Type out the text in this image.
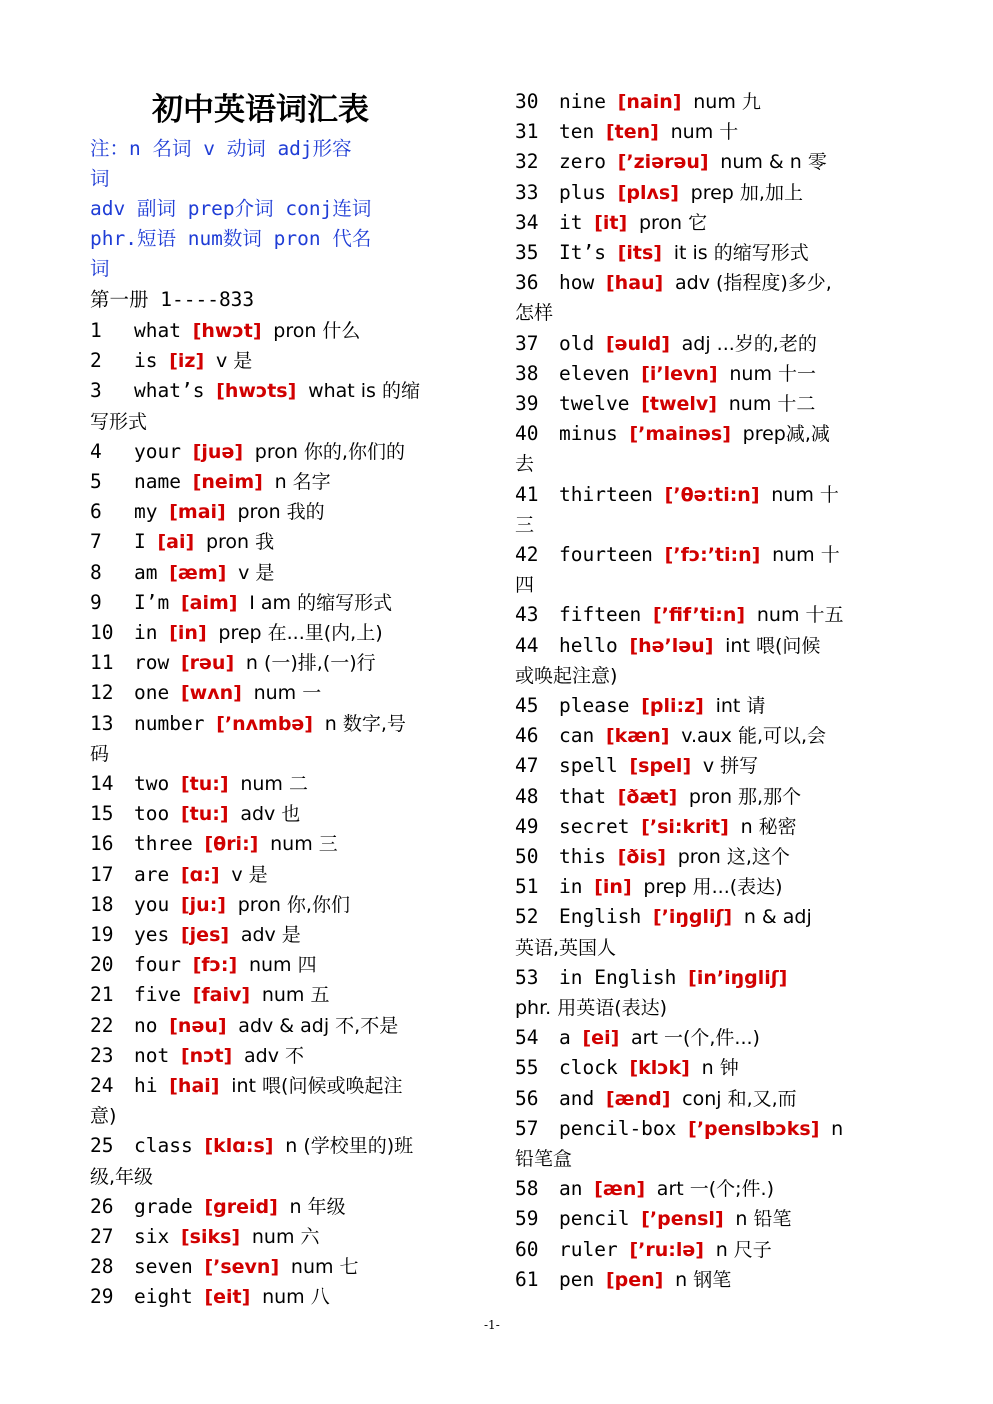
初中英语词汇表
注：n 名词 v 动词 adj形容
词
adv 副词 prep介词 conj连词
phr.短语 num数词 pron 代名
词
第一册 1----833
1 what [hwɔt] pron 什么
2 is [iz] v 是
3 what’s [hwɔts] what is 的缩
写形式
4 your [juə] pron 你的,你们的
5 name [neim] n 名字
6 my [mai] pron 我的
7 I [ai] pron 我
8 am [æm] v 是
9 I’m [aim] I am 的缩写形式
10 in [in] prep 在...里(内,上)
11 row [rəu] n (一)排,(一)行
12 one [wʌn] num 一
13 number [’nʌmbə] n 数字,号
码
14 two [tu:] num 二
15 too [tu:] adv 也
16 three [θri:] num 三
17 are [ɑ:] v 是
18 you [ju:] pron 你,你们
19 yes [jes] adv 是
20 four [fɔ:] num 四
21 five [faiv] num 五
22 no [nəu] adv & adj 不,不是
23 not [nɔt] adv 不
24 hi [hai] int 喂(问候或唤起注
意)
25 class [klɑ:s] n (学校里的)班
级,年级
26 grade [greid] n 年级
27 six [siks] num 六
28 seven [’sevn] num 七
29 eight [eit] num 八
30 nine [nain] num 九
31 ten [ten] num 十
32 zero [’ziərəu] num & n 零
33 plus [plʌs] prep 加,加上
34 it [it] pron 它
35 It’s [its] it is 的缩写形式
36 how [hau] adv (指程度)多少,
怎样
37 old [əuld] adj ...岁的,老的
38 eleven [i’levn] num 十一
39 twelve [twelv] num 十二
40 minus [’mainəs] prep减,减
去
41 thirteen [’θə:ti:n] num 十
三
42 fourteen [’fɔ:’ti:n] num 十
四
43 fifteen [’fif’ti:n] num 十五
44 hello [hə’ləu] int 喂(问候
或唤起注意)
45 please [pli:z] int 请
46 can [kæn] v.aux 能,可以,会
47 spell [spel] v 拼写
48 that [ðæt] pron 那,那个
49 secret [’si:krit] n 秘密
50 this [ðis] pron 这,这个
51 in [in] prep 用...(表达)
52 English [’iŋgliʃ] n & adj
英语,英国人
53 in English [in’iŋgliʃ]
phr. 用英语(表达)
54 a [ei] art 一(个,件...)
55 clock [klɔk] n 钟
56 and [ænd] conj 和,又,而
57 pencil-box [’penslbɔks] n
铅笔盒
58 an [æn] art 一(个;件.)
59 pencil [’pensl] n 铅笔
60 ruler [’ru:lə] n 尺子
61 pen [pen] n 钢笔
-1-
